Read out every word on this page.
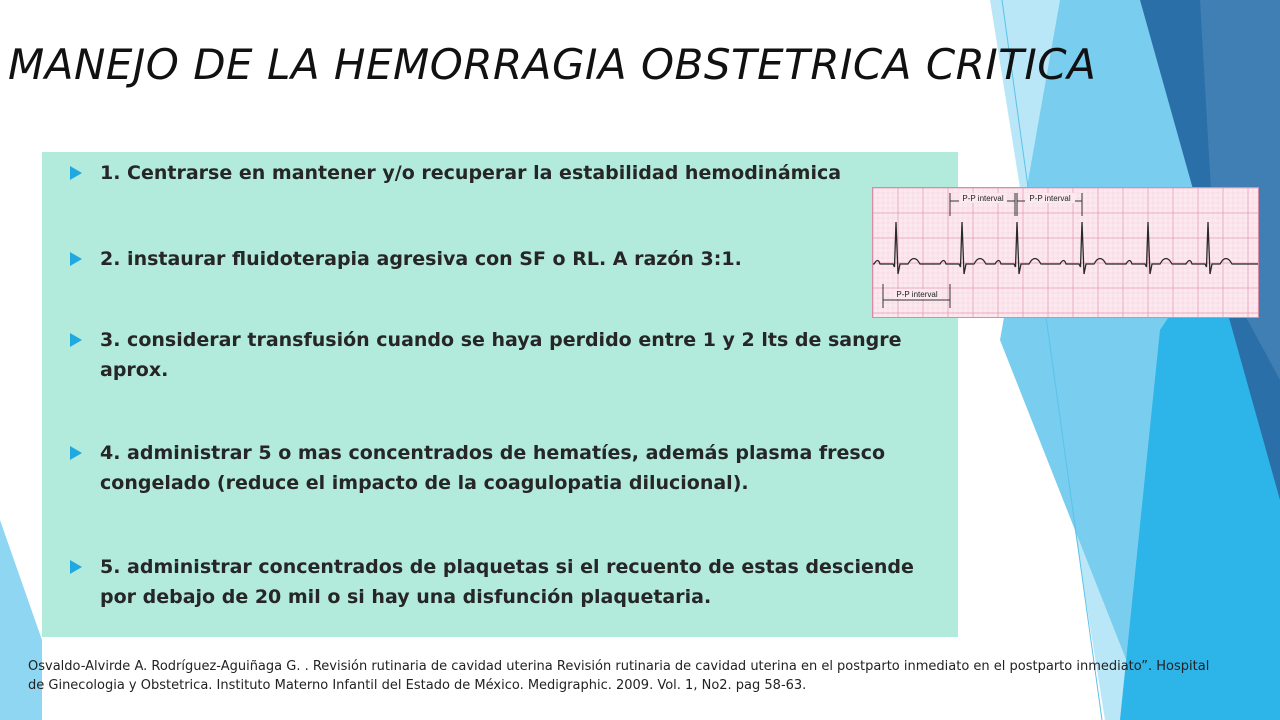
MANEJO DE LA HEMORRAGIA OBSTETRICA CRITICA
1. Centrarse en mantener y/o recuperar la estabilidad hemodinámica
2. instaurar fluidoterapia agresiva con SF o RL. A razón 3:1.
3. considerar transfusión cuando se haya perdido entre 1 y 2 lts de sangre aprox.
4. administrar 5 o mas concentrados de hematíes, además plasma fresco congelado (reduce el impacto de la coagulopatia dilucional).
5. administrar concentrados de plaquetas si el recuento de estas desciende por debajo de 20 mil o si hay una disfunción plaquetaria.
P-P interval	P-P interval
P-P interval

Osvaldo-Alvirde A. Rodríguez-Aguiñaga G. . Revisión rutinaria de cavidad uterina Revisión rutinaria de cavidad uterina en el postparto inmediato en el postparto inmediato”. Hospital de Ginecologia y Obstetrica. Instituto Materno Infantil del Estado de México. Medigraphic. 2009. Vol. 1, No2. pag 58-63.
